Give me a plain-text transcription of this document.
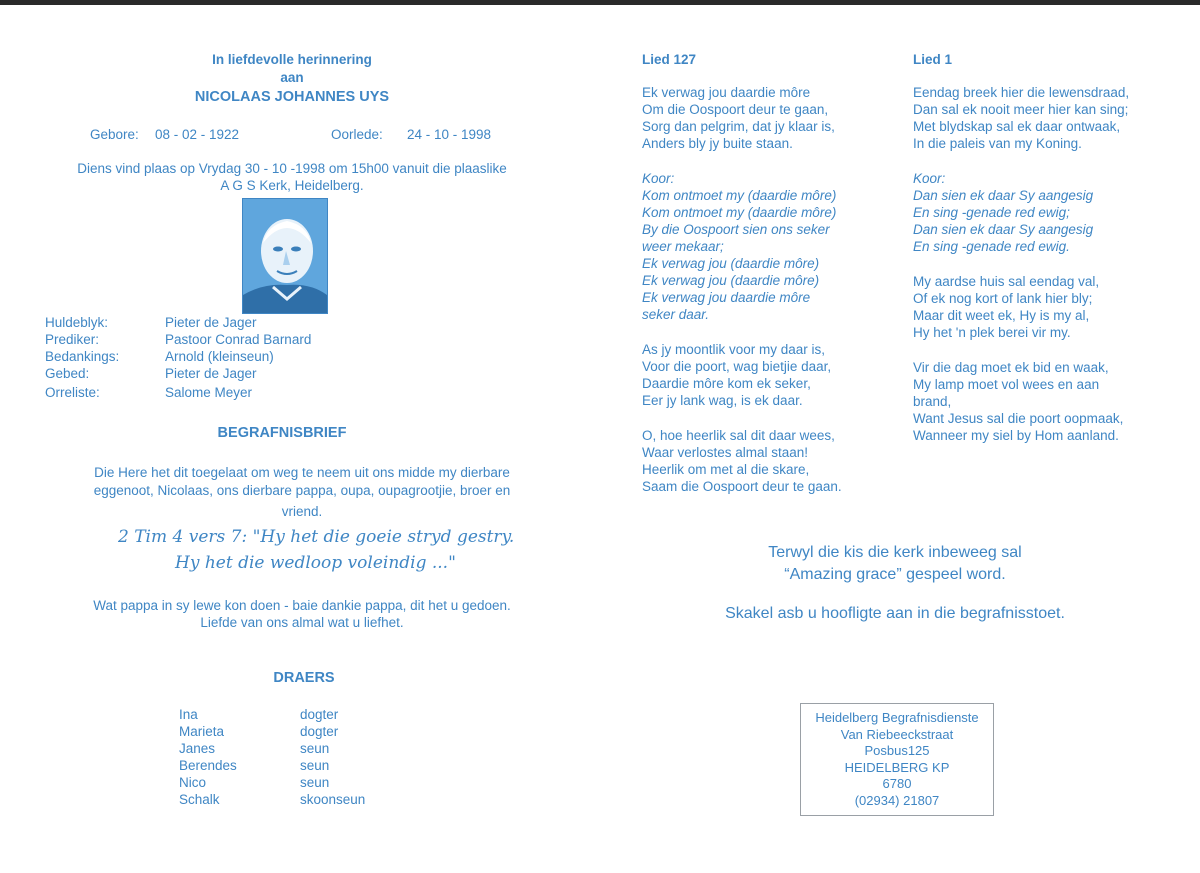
In liefdevolle herinnering
aan
NICOLAAS JOHANNES UYS
Gebore: 08 - 02 - 1922	Oorlede: 24 - 10 - 1998
Diens vind plaas op Vrydag 30 - 10 -1998 om 15h00 vanuit die plaaslike
A G S Kerk, Heidelberg.
Huldeblyk:
Prediker:
Bedankings:
Gebed:
Orreliste:
Pieter de Jager
Pastoor Conrad Barnard
Arnold (kleinseun)
Pieter de Jager
Salome Meyer
BEGRAFNISBRIEF
Die Here het dit toegelaat om weg te neem uit ons midde my dierbare
eggenoot, Nicolaas, ons dierbare pappa, oupa, oupagrootjie, broer en
vriend.
2 Tim 4 vers 7: "Hy het die goeie stryd gestry.
Hy het die wedloop voleindig ..."
Wat pappa in sy lewe kon doen - baie dankie pappa, dit het u gedoen.
Liefde van ons almal wat u liefhet.
DRAERS
Ina
Marieta
Janes
Berendes
Nico
Schalk
dogter
dogter
seun
seun
seun
skoonseun
Lied 127
Ek verwag jou daardie môre
Om die Oospoort deur te gaan,
Sorg dan pelgrim, dat jy klaar is,
Anders bly jy buite staan.
Koor:
Kom ontmoet my (daardie môre)
Kom ontmoet my (daardie môre)
By die Oospoort sien ons seker
weer mekaar;
Ek verwag jou (daardie môre)
Ek verwag jou (daardie môre)
Ek verwag jou daardie môre
seker daar.
As jy moontlik voor my daar is,
Voor die poort, wag bietjie daar,
Daardie môre kom ek seker,
Eer jy lank wag, is ek daar.
O, hoe heerlik sal dit daar wees,
Waar verlostes almal staan!
Heerlik om met al die skare,
Saam die Oospoort deur te gaan.
Lied 1
Eendag breek hier die lewensdraad,
Dan sal ek nooit meer hier kan sing;
Met blydskap sal ek daar ontwaak,
In die paleis van my Koning.
Koor:
Dan sien ek daar Sy aangesig
En sing -genade red ewig;
Dan sien ek daar Sy aangesig
En sing -genade red ewig.
My aardse huis sal eendag val,
Of ek nog kort of lank hier bly;
Maar dit weet ek, Hy is my al,
Hy het 'n plek berei vir my.
Vir die dag moet ek bid en waak,
My lamp moet vol wees en aan
brand,
Want Jesus sal die poort oopmaak,
Wanneer my siel by Hom aanland.
Terwyl die kis die kerk inbeweeg sal
“Amazing grace” gespeel word.
Skakel asb u hoofligte aan in die begrafnisstoet.
Heidelberg Begrafnisdienste
Van Riebeeckstraat
Posbus125
HEIDELBERG KP
6780
(02934) 21807
